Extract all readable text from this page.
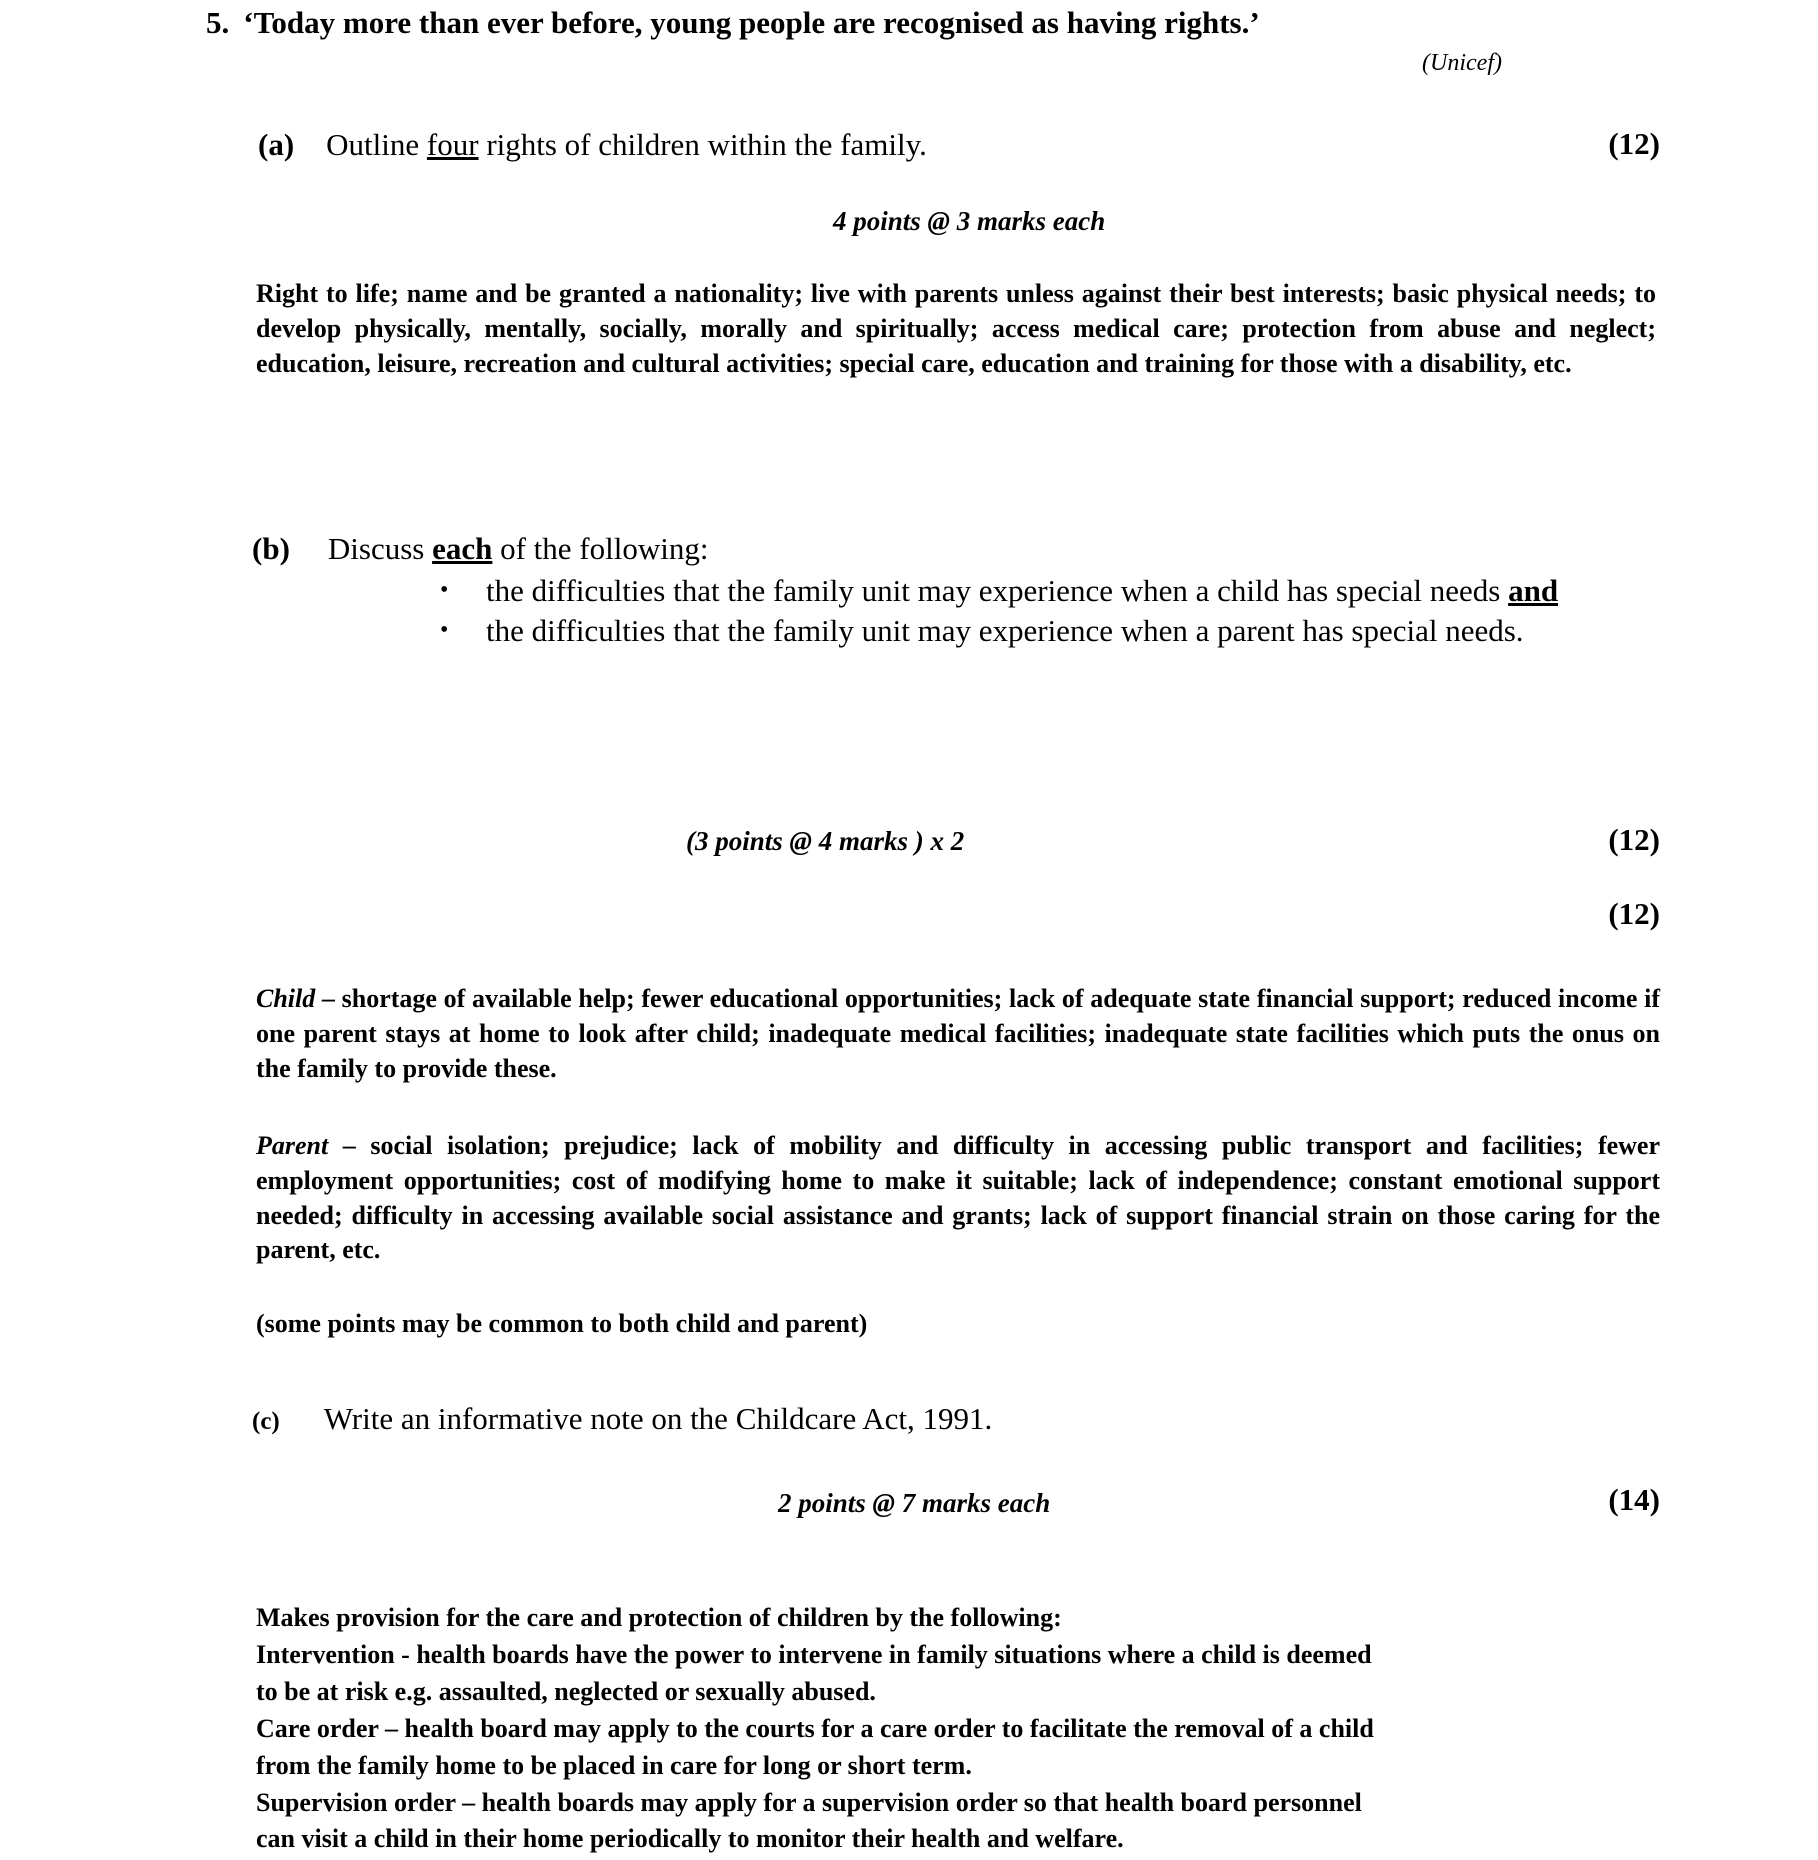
5. ‘Today more than ever before, young people are recognised as having rights.’
(Unicef)
(a) Outline four rights of children within the family.	(12)
4 points @ 3 marks each
Right to life; name and be granted a nationality; live with parents unless against their best interests; basic physical needs; to develop physically, mentally, socially, morally and spiritually; access medical care; protection from abuse and neglect; education, leisure, recreation and cultural activities; special care, education and training for those with a disability, etc.
(b) Discuss each of the following:
•	the difficulties that the family unit may experience when a child has special needs and
•	the difficulties that the family unit may experience when a parent has special needs.
(3 points @ 4 marks ) x 2	(12)
(12)
Child – shortage of available help; fewer educational opportunities; lack of adequate state financial support; reduced income if one parent stays at home to look after child; inadequate medical facilities; inadequate state facilities which puts the onus on the family to provide these.
Parent – social isolation; prejudice; lack of mobility and difficulty in accessing public transport and facilities; fewer employment opportunities; cost of modifying home to make it suitable; lack of independence; constant emotional support needed; difficulty in accessing available social assistance and grants; lack of support financial strain on those caring for the parent, etc.
(some points may be common to both child and parent)
(c) Write an informative note on the Childcare Act, 1991.
2 points @ 7 marks each	(14)
Makes provision for the care and protection of children by the following:
Intervention - health boards have the power to intervene in family situations where a child is deemed
to be at risk e.g. assaulted, neglected or sexually abused.
Care order – health board may apply to the courts for a care order to facilitate the removal of a child
from the family home to be placed in care for long or short term.
Supervision order – health boards may apply for a supervision order so that health board personnel
can visit a child in their home periodically to monitor their health and welfare.
